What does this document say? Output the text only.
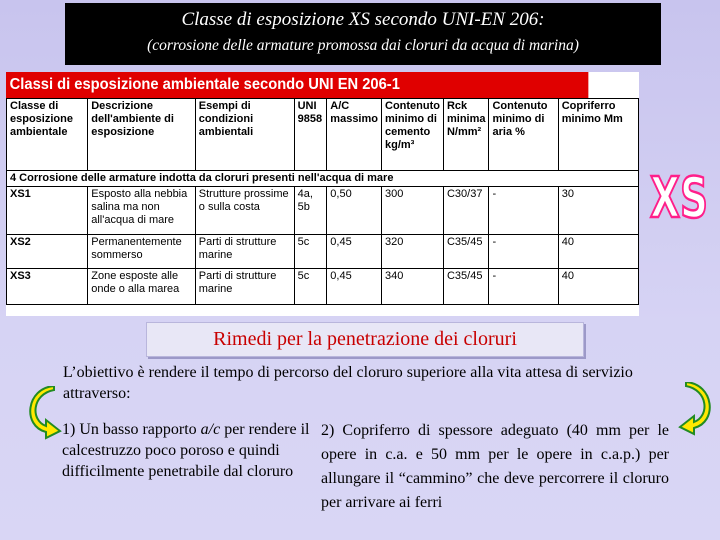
Classe di esposizione XS secondo UNI-EN 206:
(corrosione delle armature promossa dai cloruri da acqua di marina)
Classi di esposizione ambientale secondo UNI EN 206-1
Classe di esposizione ambientale	Descrizione dell'ambiente di esposizione	Esempi di condizioni ambientali	UNI 9858	A/C massimo	Contenuto minimo di cemento kg/m³	Rck minima N/mm²	Contenuto minimo di aria %	Copriferro minimo Mm
4 Corrosione delle armature indotta da cloruri presenti nell'acqua di mare								
XS1	Esposto alla nebbia salina ma non all'acqua di mare	Strutture prossime o sulla costa	4a, 5b	0,50	300	C30/37	-	30
XS2	Permanentemente sommerso	Parti di strutture marine	5c	0,45	320	C35/45	-	40
XS3	Zone esposte alle onde o alla marea	Parti di strutture marine	5c	0,45	340	C35/45	-	40
XS
Rimedi per la penetrazione dei cloruri
L’obiettivo è rendere il tempo di percorso del cloruro superiore alla vita attesa di servizio attraverso:
1) Un basso rapporto a/c per rendere il calcestruzzo poco poroso e quindi difficilmente penetrabile dal cloruro
2) Copriferro di spessore adeguato (40 mm per le opere in c.a. e 50 mm per le opere in c.a.p.) per allungare il “cammino” che deve percorrere il cloruro per arrivare ai ferri
